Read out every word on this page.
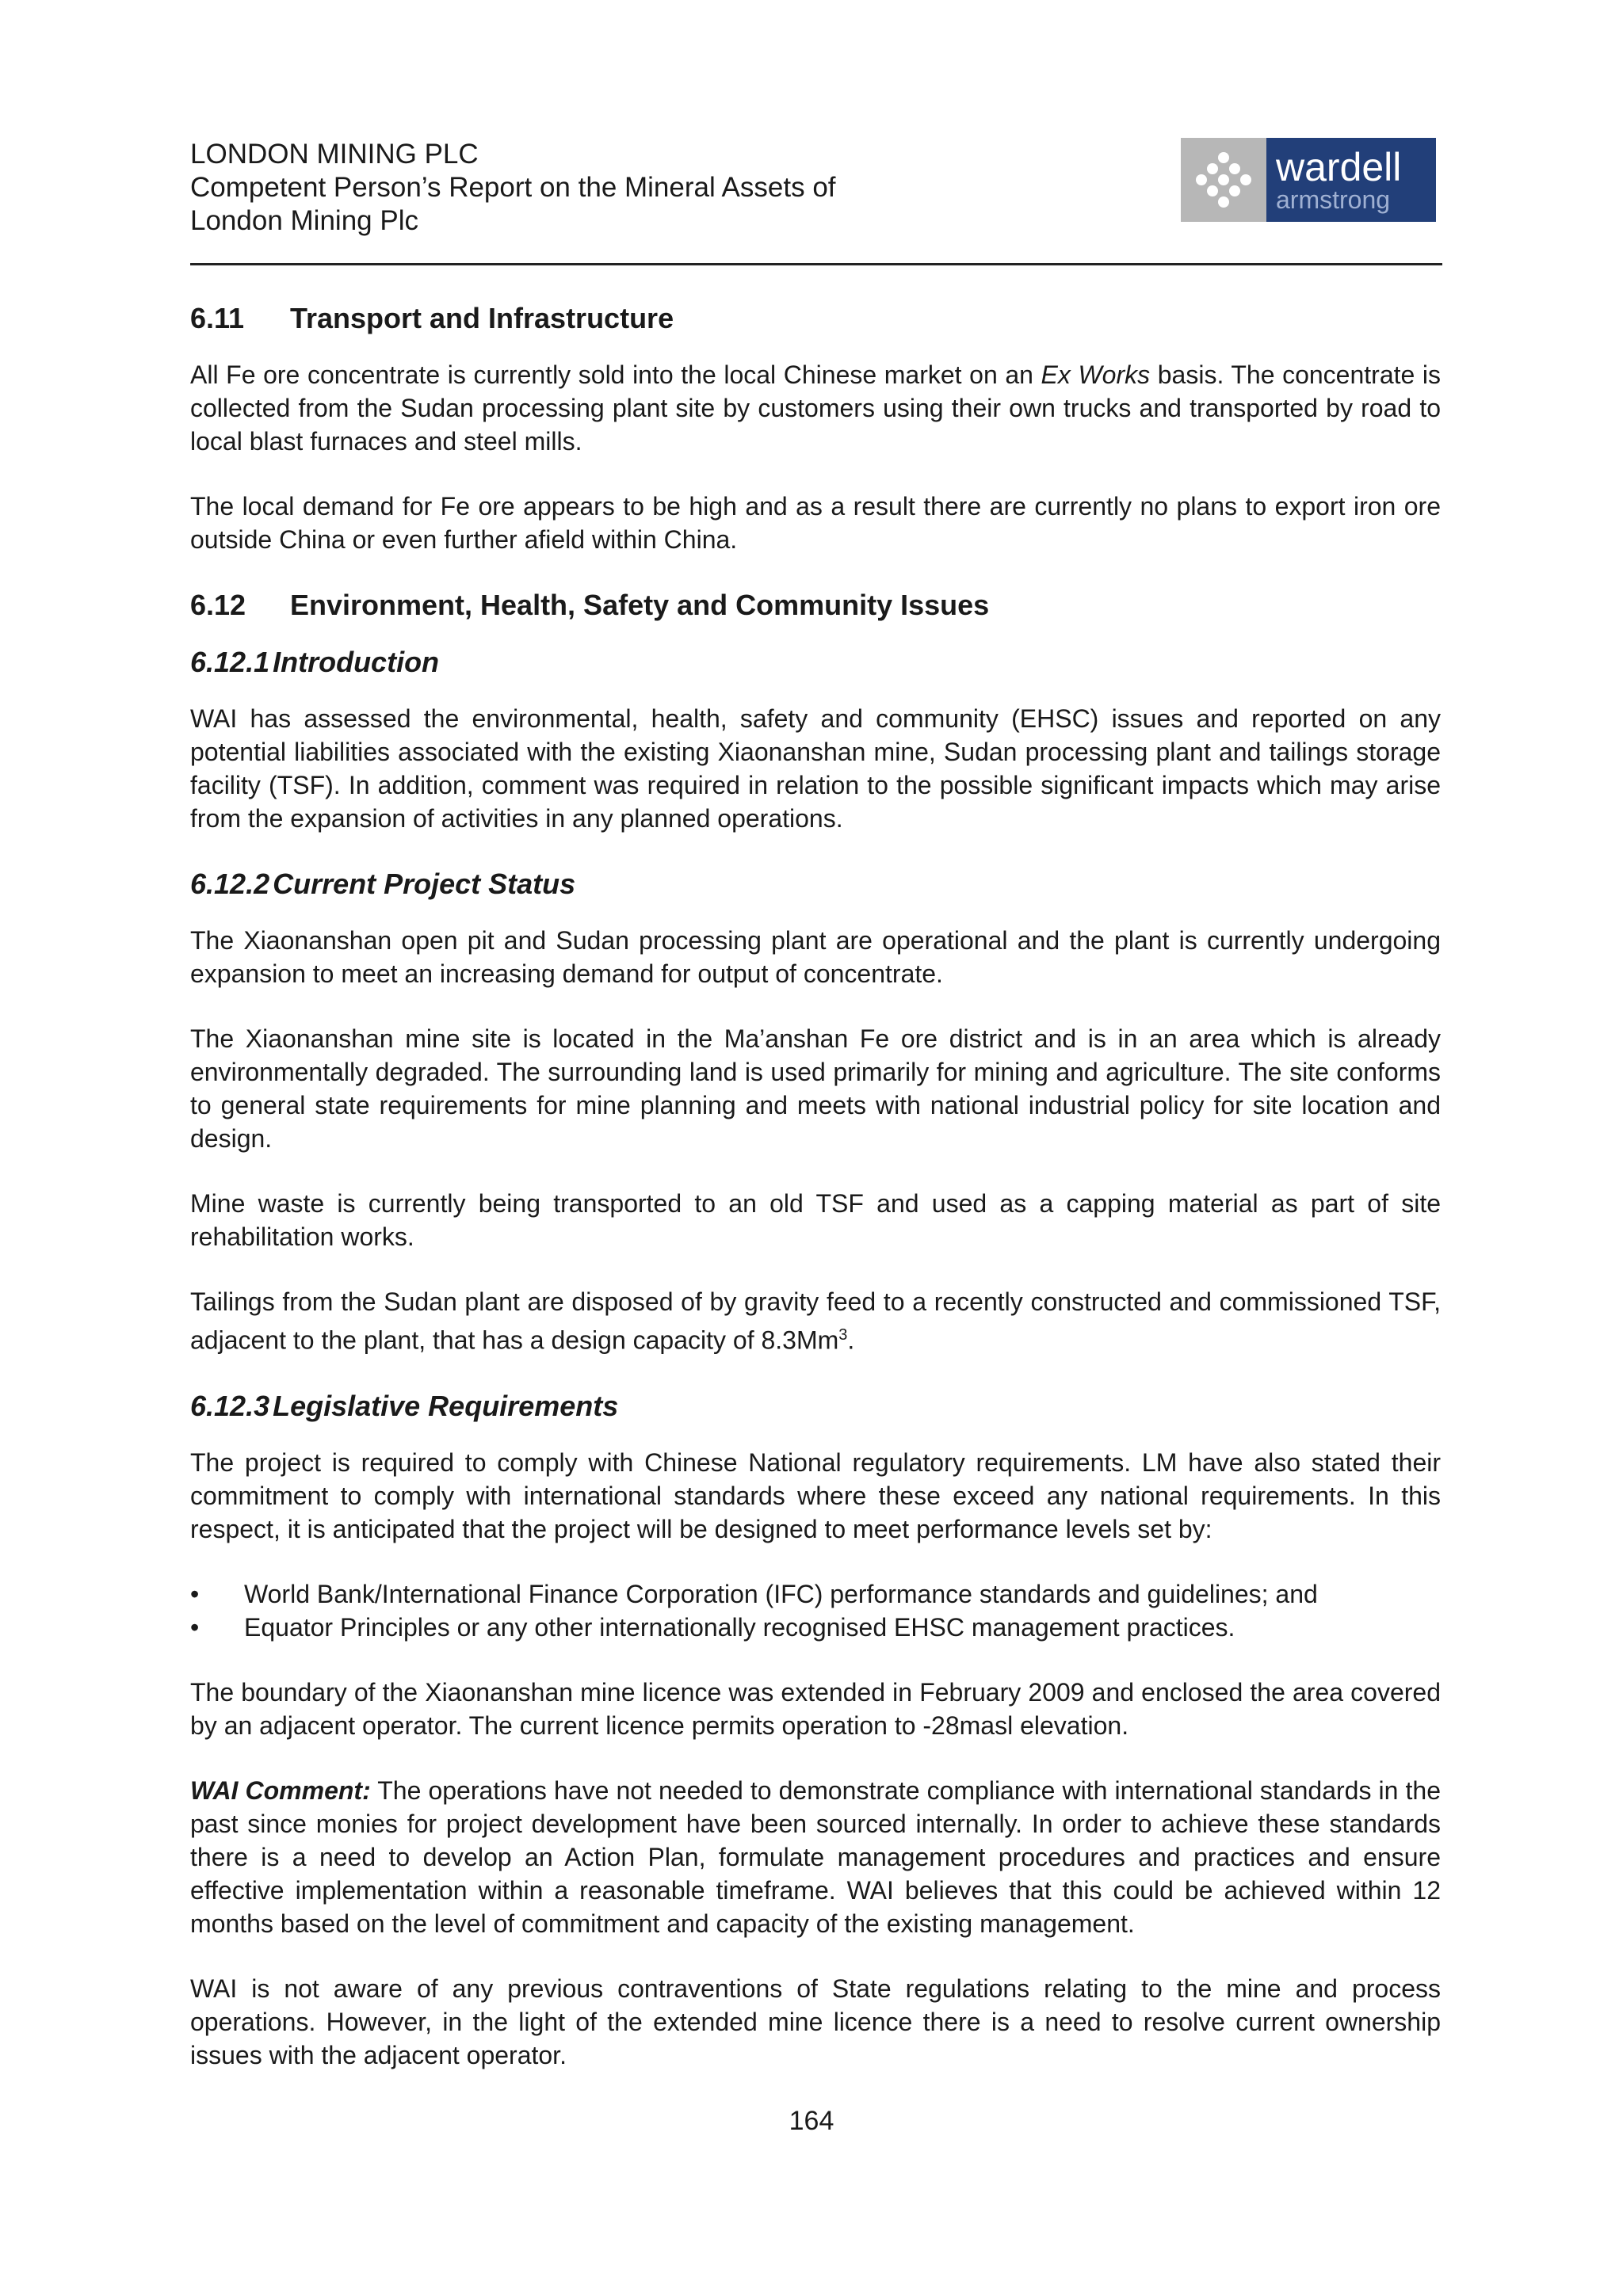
LONDON MINING PLC
Competent Person’s Report on the Mineral Assets of
London Mining Plc
wardell
armstrong
6.11	Transport and Infrastructure

All Fe ore concentrate is currently sold into the local Chinese market on an Ex Works basis. The concentrate is collected from the Sudan processing plant site by customers using their own trucks and transported by road to local blast furnaces and steel mills.

The local demand for Fe ore appears to be high and as a result there are currently no plans to export iron ore outside China or even further afield within China.

6.12	Environment, Health, Safety and Community Issues
6.12.1 Introduction

WAI has assessed the environmental, health, safety and community (EHSC) issues and reported on any potential liabilities associated with the existing Xiaonanshan mine, Sudan processing plant and tailings storage facility (TSF). In addition, comment was required in relation to the possible significant impacts which may arise from the expansion of activities in any planned operations.

6.12.2 Current Project Status

The Xiaonanshan open pit and Sudan processing plant are operational and the plant is currently undergoing expansion to meet an increasing demand for output of concentrate.

The Xiaonanshan mine site is located in the Ma’anshan Fe ore district and is in an area which is already environmentally degraded. The surrounding land is used primarily for mining and agriculture. The site conforms to general state requirements for mine planning and meets with national industrial policy for site location and design.

Mine waste is currently being transported to an old TSF and used as a capping material as part of site rehabilitation works.

Tailings from the Sudan plant are disposed of by gravity feed to a recently constructed and commissioned TSF, adjacent to the plant, that has a design capacity of 8.3Mm$^3$.

6.12.3 Legislative Requirements

The project is required to comply with Chinese National regulatory requirements. LM have also stated their commitment to comply with international standards where these exceed any national requirements. In this respect, it is anticipated that the project will be designed to meet performance levels set by:

•	World Bank/International Finance Corporation (IFC) performance standards and guidelines; and
•	Equator Principles or any other internationally recognised EHSC management practices.

The boundary of the Xiaonanshan mine licence was extended in February 2009 and enclosed the area covered by an adjacent operator. The current licence permits operation to -28masl elevation.

WAI Comment: The operations have not needed to demonstrate compliance with international standards in the past since monies for project development have been sourced internally. In order to achieve these standards there is a need to develop an Action Plan, formulate management procedures and practices and ensure effective implementation within a reasonable timeframe. WAI believes that this could be achieved within 12 months based on the level of commitment and capacity of the existing management.

WAI is not aware of any previous contraventions of State regulations relating to the mine and process operations. However, in the light of the extended mine licence there is a need to resolve current ownership issues with the adjacent operator.

164
